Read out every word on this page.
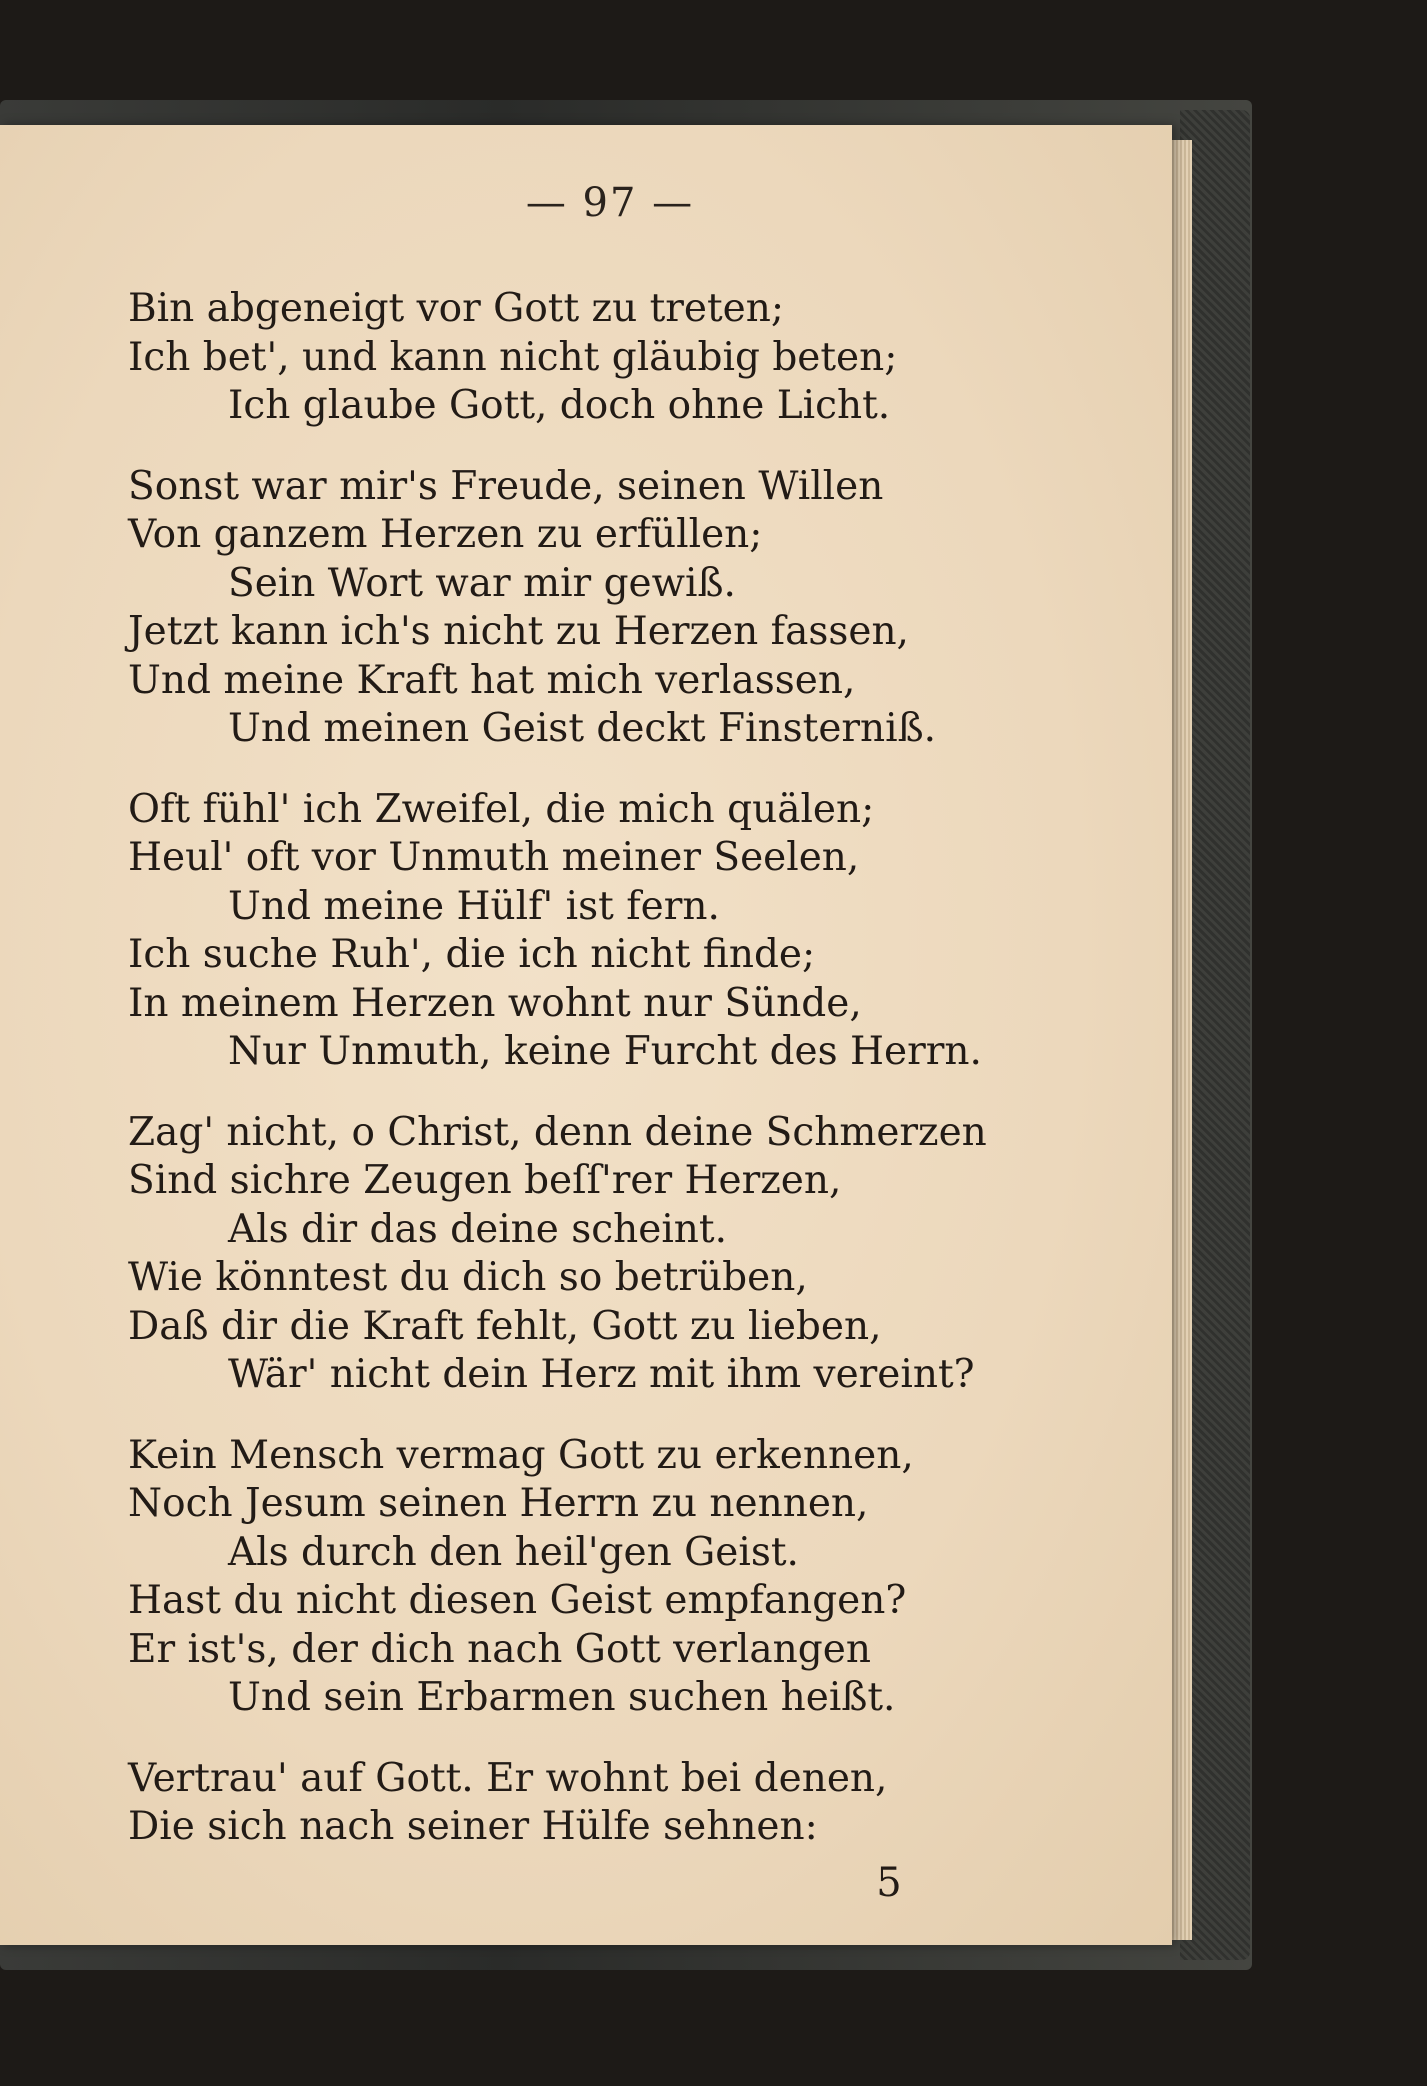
— 97 —
Bin abgeneigt vor Gott zu treten;
Ich bet', und kann nicht gläubig beten;
Ich glaube Gott, doch ohne Licht.
Sonst war mir's Freude, seinen Willen
Von ganzem Herzen zu erfüllen;
Sein Wort war mir gewiß.
Jetzt kann ich's nicht zu Herzen fassen,
Und meine Kraft hat mich verlassen,
Und meinen Geist deckt Finsterniß.
Oft fühl' ich Zweifel, die mich quälen;
Heul' oft vor Unmuth meiner Seelen,
Und meine Hülf' ist fern.
Ich suche Ruh', die ich nicht finde;
In meinem Herzen wohnt nur Sünde,
Nur Unmuth, keine Furcht des Herrn.
Zag' nicht, o Christ, denn deine Schmerzen
Sind sichre Zeugen beſſ'rer Herzen,
Als dir das deine scheint.
Wie könntest du dich so betrüben,
Daß dir die Kraft fehlt, Gott zu lieben,
Wär' nicht dein Herz mit ihm vereint?
Kein Mensch vermag Gott zu erkennen,
Noch Jesum seinen Herrn zu nennen,
Als durch den heil'gen Geist.
Hast du nicht diesen Geist empfangen?
Er ist's, der dich nach Gott verlangen
Und sein Erbarmen suchen heißt.
Vertrau' auf Gott. Er wohnt bei denen,
Die sich nach seiner Hülfe sehnen:
5
